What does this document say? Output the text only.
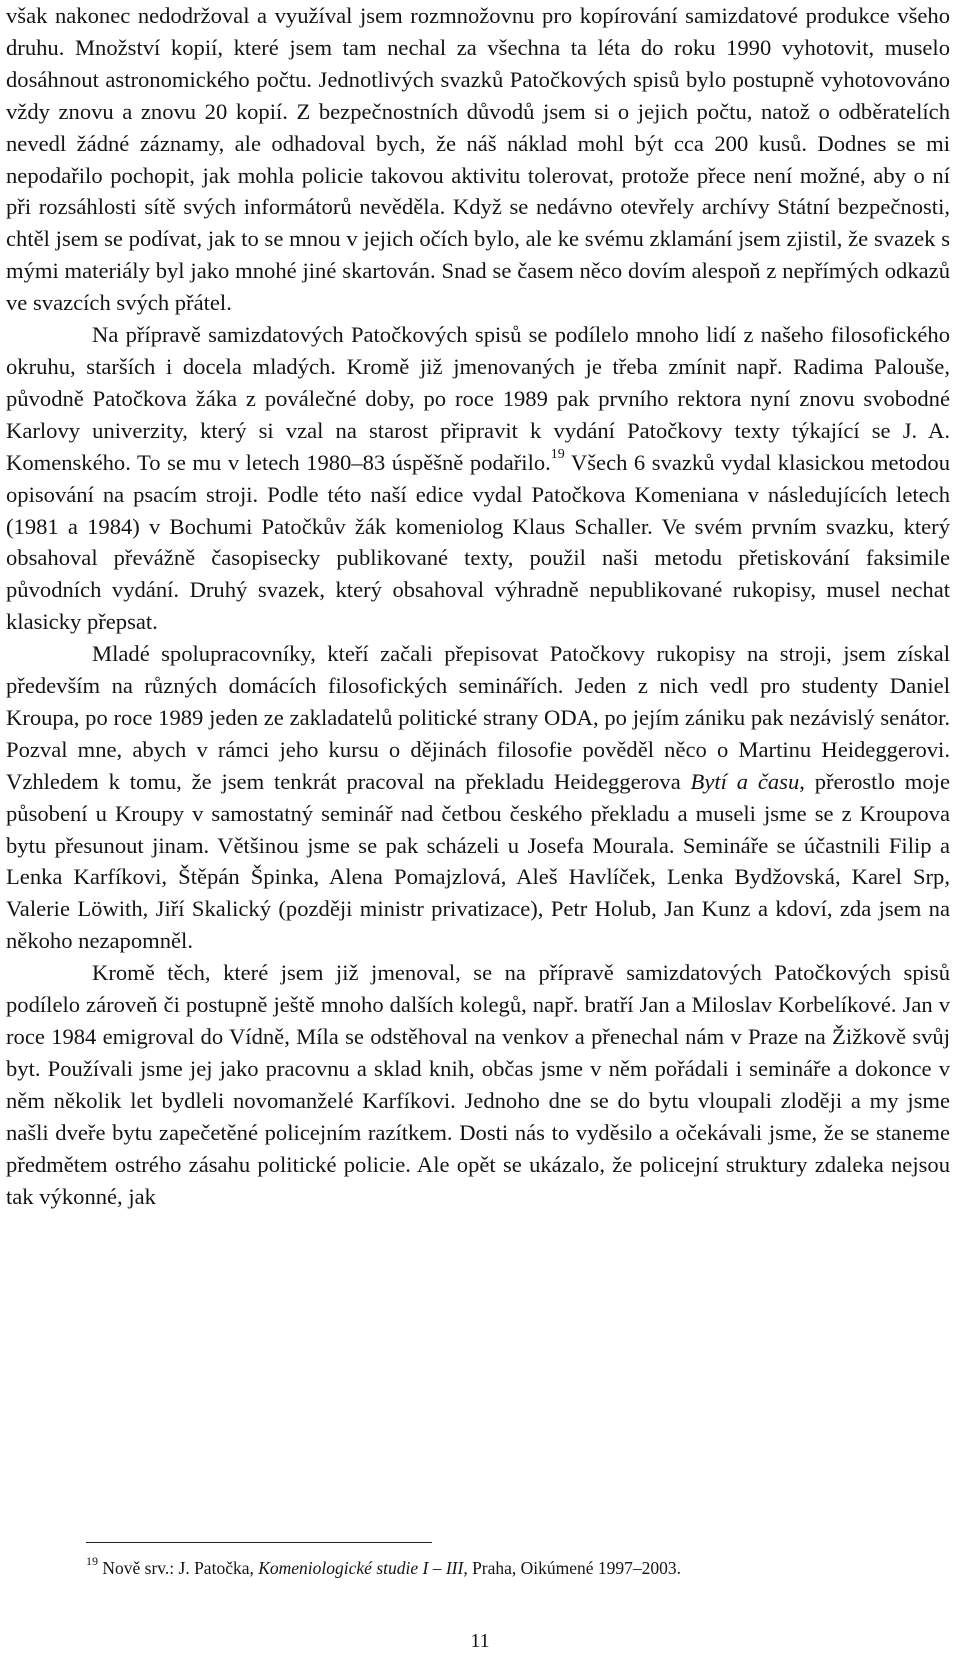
však nakonec nedodržoval a využíval jsem rozmnožovnu pro kopírování samizdatové produkce všeho druhu. Množství kopií, které jsem tam nechal za všechna ta léta do roku 1990 vyhotovit, muselo dosáhnout astronomického počtu. Jednotlivých svazků Patočkových spisů bylo postupně vyhotovováno vždy znovu a znovu 20 kopií. Z bezpečnostních důvodů jsem si o jejich počtu, natož o odběratelích nevedl žádné záznamy, ale odhadoval bych, že náš náklad mohl být cca 200 kusů. Dodnes se mi nepodařilo pochopit, jak mohla policie takovou aktivitu tolerovat, protože přece není možné, aby o ní při rozsáhlosti sítě svých informátorů nevěděla. Když se nedávno otevřely archívy Státní bezpečnosti, chtěl jsem se podívat, jak to se mnou v jejich očích bylo, ale ke svému zklamání jsem zjistil, že svazek s mými materiály byl jako mnohé jiné skartován. Snad se časem něco dovím alespoň z nepřímých odkazů ve svazcích svých přátel.

Na přípravě samizdatových Patočkových spisů se podílelo mnoho lidí z našeho filosofického okruhu, starších i docela mladých. Kromě již jmenovaných je třeba zmínit např. Radima Palouše, původně Patočkova žáka z poválečné doby, po roce 1989 pak prvního rektora nyní znovu svobodné Karlovy univerzity, který si vzal na starost připravit k vydání Patočkovy texty týkající se J. A. Komenského. To se mu v letech 1980–83 úspěšně podařilo.$^{19}$ Všech 6 svazků vydal klasickou metodou opisování na psacím stroji. Podle této naší edice vydal Patočkova Komeniana v následujících letech (1981 a 1984) v Bochumi Patočkův žák komeniolog Klaus Schaller. Ve svém prvním svazku, který obsahoval převážně časopisecky publikované texty, použil naši metodu přetiskování faksimile původních vydání. Druhý svazek, který obsahoval výhradně nepublikované rukopisy, musel nechat klasicky přepsat.

Mladé spolupracovníky, kteří začali přepisovat Patočkovy rukopisy na stroji, jsem získal především na různých domácích filosofických seminářích. Jeden z nich vedl pro studenty Daniel Kroupa, po roce 1989 jeden ze zakladatelů politické strany ODA, po jejím zániku pak nezávislý senátor. Pozval mne, abych v rámci jeho kursu o dějinách filosofie pověděl něco o Martinu Heideggerovi. Vzhledem k tomu, že jsem tenkrát pracoval na překladu Heideggerova Bytí a času, přerostlo moje působení u Kroupy v samostatný seminář nad četbou českého překladu a museli jsme se z Kroupova bytu přesunout jinam. Většinou jsme se pak scházeli u Josefa Mourala. Semináře se účastnili Filip a Lenka Karfíkovi, Štěpán Špinka, Alena Pomajzlová, Aleš Havlíček, Lenka Bydžovská, Karel Srp, Valerie Löwith, Jiří Skalický (později ministr privatizace), Petr Holub, Jan Kunz a kdoví, zda jsem na někoho nezapomněl.

Kromě těch, které jsem již jmenoval, se na přípravě samizdatových Patočkových spisů podílelo zároveň či postupně ještě mnoho dalších kolegů, např. bratří Jan a Miloslav Korbelíkové. Jan v roce 1984 emigroval do Vídně, Míla se odstěhoval na venkov a přenechal nám v Praze na Žižkově svůj byt. Používali jsme jej jako pracovnu a sklad knih, občas jsme v něm pořádali i semináře a dokonce v něm několik let bydleli novomanželé Karfíkovi. Jednoho dne se do bytu vloupali zloději a my jsme našli dveře bytu zapečetěné policejním razítkem. Dosti nás to vyděsilo a očekávali jsme, že se staneme předmětem ostrého zásahu politické policie. Ale opět se ukázalo, že policejní struktury zdaleka nejsou tak výkonné, jak

$^{19}$ Nově srv.: J. Patočka, Komeniologické studie I – III, Praha, Oikúmené 1997–2003.
11
